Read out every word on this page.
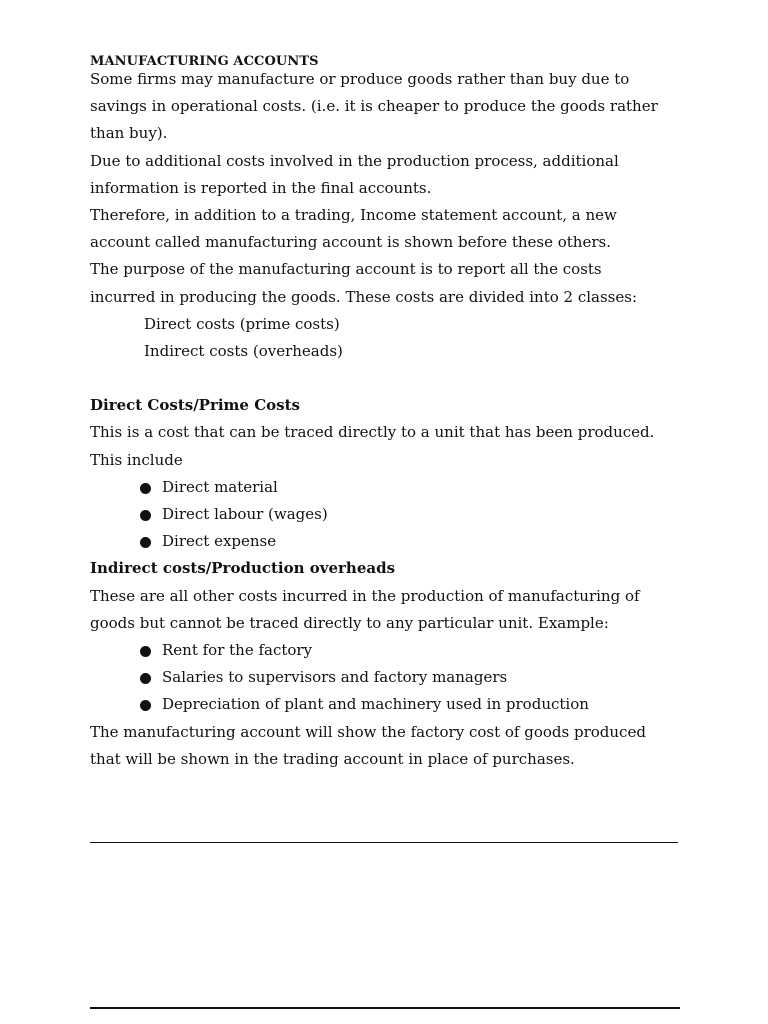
MANUFACTURING ACCOUNTS

Some firms may manufacture or produce goods rather than buy due to

savings in operational costs. (i.e. it is cheaper to produce the goods rather

than buy).

Due to additional costs involved in the production process, additional

information is reported in the final accounts.

Therefore, in addition to a trading, Income statement account, a new

account called manufacturing account is shown before these others.

The purpose of the manufacturing account is to report all the costs

incurred in producing the goods. These costs are divided into 2 classes:

Direct costs (prime costs)

Indirect costs (overheads)

Direct Costs/Prime Costs

This is a cost that can be traced directly to a unit that has been produced.

This include

Direct material
Direct labour (wages)
Direct expense

Indirect costs/Production overheads

These are all other costs incurred in the production of manufacturing of

goods but cannot be traced directly to any particular unit. Example:

Rent for the factory
Salaries to supervisors and factory managers
Depreciation of plant and machinery used in production

The manufacturing account will show the factory cost of goods produced

that will be shown in the trading account in place of purchases.
